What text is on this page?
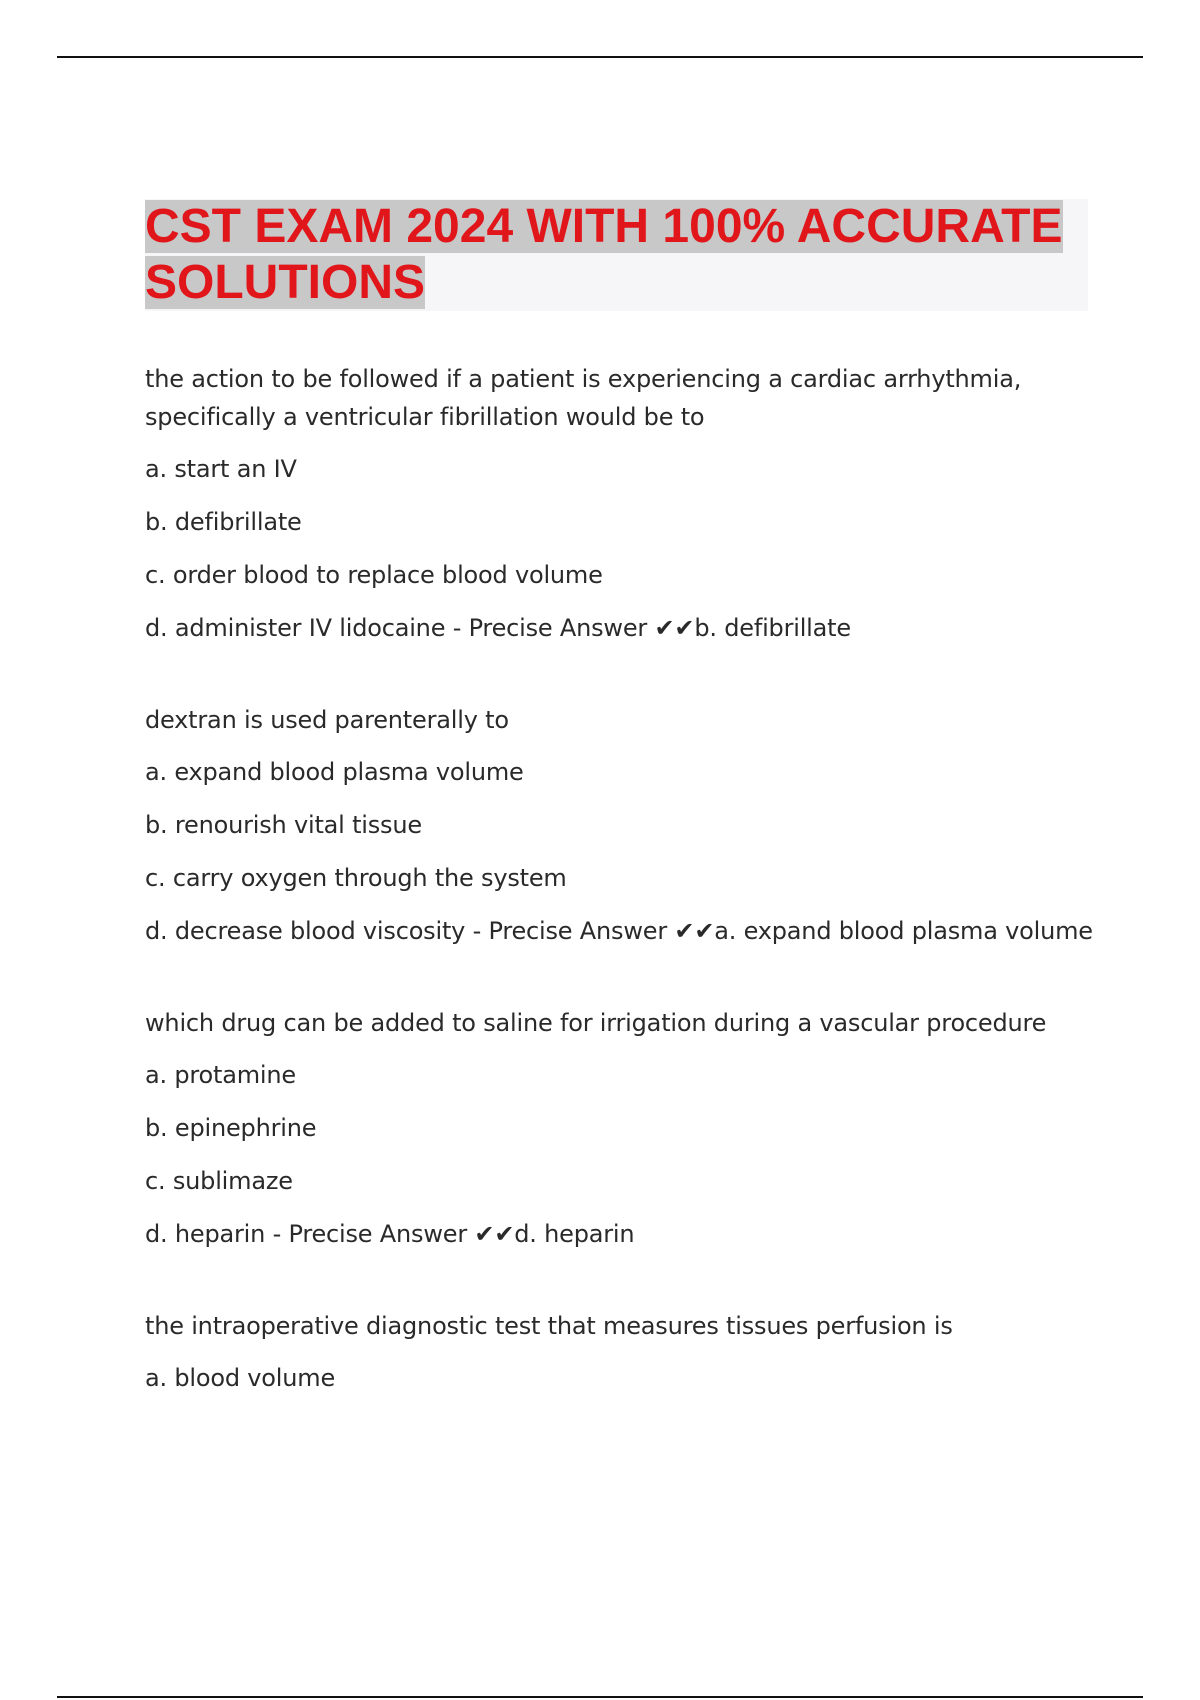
CST EXAM 2024 WITH 100% ACCURATE SOLUTIONS

the action to be followed if a patient is experiencing a cardiac arrhythmia, specifically a ventricular fibrillation would be to

a. start an IV

b. defibrillate

c. order blood to replace blood volume

d. administer IV lidocaine - Precise Answer ✔✔b. defibrillate

dextran is used parenterally to

a. expand blood plasma volume

b. renourish vital tissue

c. carry oxygen through the system

d. decrease blood viscosity - Precise Answer ✔✔a. expand blood plasma volume

which drug can be added to saline for irrigation during a vascular procedure

a. protamine

b. epinephrine

c. sublimaze

d. heparin - Precise Answer ✔✔d. heparin

the intraoperative diagnostic test that measures tissues perfusion is

a. blood volume
